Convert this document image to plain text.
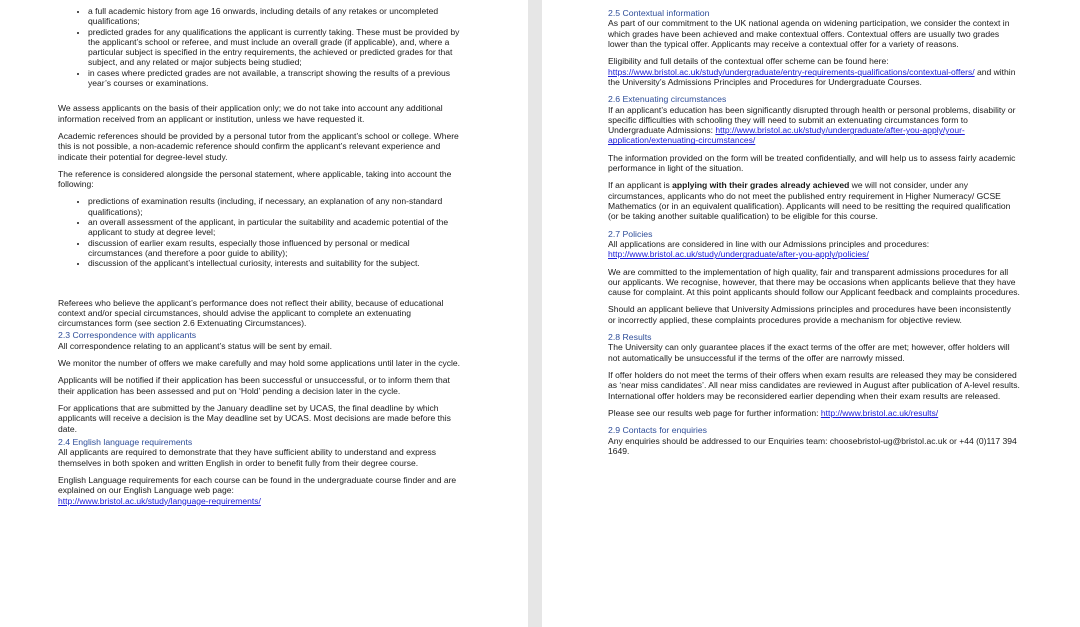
• a full academic history from age 16 onwards, including details of any retakes or uncompleted qualifications;
• predicted grades for any qualifications the applicant is currently taking. These must be provided by the applicant’s school or referee, and must include an overall grade (if applicable), and, where a particular subject is specified in the entry requirements, the achieved or predicted grades for that subject, and any related or major subjects being studied;
• in cases where predicted grades are not available, a transcript showing the results of a previous year’s courses or examinations.

We assess applicants on the basis of their application only; we do not take into account any additional information received from an applicant or institution, unless we have requested it.

Academic references should be provided by a personal tutor from the applicant’s school or college. Where this is not possible, a non-academic reference should confirm the applicant’s relevant experience and indicate their potential for degree-level study.

The reference is considered alongside the personal statement, where applicable, taking into account the following:

• predictions of examination results (including, if necessary, an explanation of any non-standard qualifications);
• an overall assessment of the applicant, in particular the suitability and academic potential of the applicant to study at degree level;
• discussion of earlier exam results, especially those influenced by personal or medical circumstances (and therefore a poor guide to ability);
• discussion of the applicant’s intellectual curiosity, interests and suitability for the subject.

Referees who believe the applicant’s performance does not reflect their ability, because of educational context and/or special circumstances, should advise the applicant to complete an extenuating circumstances form (see section 2.6 Extenuating Circumstances).

2.3 Correspondence with applicants

All correspondence relating to an applicant’s status will be sent by email.

We monitor the number of offers we make carefully and may hold some applications until later in the cycle.

Applicants will be notified if their application has been successful or unsuccessful, or to inform them that their application has been assessed and put on ‘Hold’ pending a decision later in the cycle.

For applications that are submitted by the January deadline set by UCAS, the final deadline by which applicants will receive a decision is the May deadline set by UCAS. Most decisions are made before this date.

2.4 English language requirements

All applicants are required to demonstrate that they have sufficient ability to understand and express themselves in both spoken and written English in order to benefit fully from their degree course.

English Language requirements for each course can be found in the undergraduate course finder and are explained on our English Language web page:
http://www.bristol.ac.uk/study/language-requirements/

2.5 Contextual information

As part of our commitment to the UK national agenda on widening participation, we consider the context in which grades have been achieved and make contextual offers. Contextual offers are usually two grades lower than the typical offer. Applicants may receive a contextual offer for a variety of reasons.

Eligibility and full details of the contextual offer scheme can be found here:
https://www.bristol.ac.uk/study/undergraduate/entry-requirements-qualifications/contextual-offers/ and within the University’s Admissions Principles and Procedures for Undergraduate Courses.

2.6 Extenuating circumstances

If an applicant’s education has been significantly disrupted through health or personal problems, disability or specific difficulties with schooling they will need to submit an extenuating circumstances form to Undergraduate Admissions: http://www.bristol.ac.uk/study/undergraduate/after-you-apply/your-application/extenuating-circumstances/

The information provided on the form will be treated confidentially, and will help us to assess fairly academic performance in light of the situation.

If an applicant is applying with their grades already achieved we will not consider, under any circumstances, applicants who do not meet the published entry requirement in Higher Numeracy/ GCSE Mathematics (or in an equivalent qualification). Applicants will need to be resitting the required qualification (or be taking another suitable qualification) to be eligible for this course.

2.7 Policies

All applications are considered in line with our Admissions principles and procedures:
http://www.bristol.ac.uk/study/undergraduate/after-you-apply/policies/

We are committed to the implementation of high quality, fair and transparent admissions procedures for all our applicants. We recognise, however, that there may be occasions when applicants believe that they have cause for complaint. At this point applicants should follow our Applicant feedback and complaints procedures.

Should an applicant believe that University Admissions principles and procedures have been inconsistently or incorrectly applied, these complaints procedures provide a mechanism for objective review.

2.8 Results

The University can only guarantee places if the exact terms of the offer are met; however, offer holders will not automatically be unsuccessful if the terms of the offer are narrowly missed.

If offer holders do not meet the terms of their offers when exam results are released they may be considered as ‘near miss candidates’. All near miss candidates are reviewed in August after publication of A-level results. International offer holders may be reconsidered earlier depending when their exam results are released.

Please see our results web page for further information: http://www.bristol.ac.uk/results/

2.9 Contacts for enquiries

Any enquiries should be addressed to our Enquiries team: choosebristol-ug@bristol.ac.uk or +44 (0)117 394 1649.
